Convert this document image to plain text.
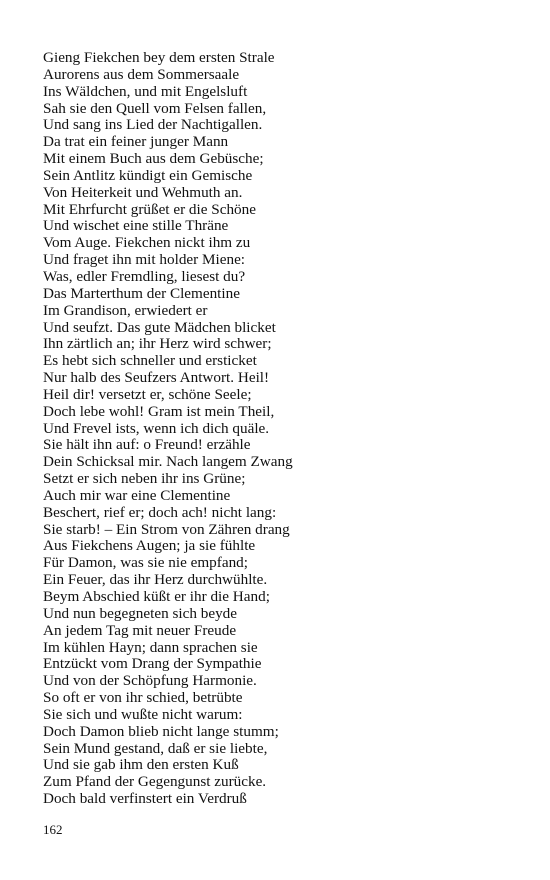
Gieng Fiekchen bey dem ersten Strale
Aurorens aus dem Sommersaale
Ins Wäldchen, und mit Engelsluft
Sah sie den Quell vom Felsen fallen,
Und sang ins Lied der Nachtigallen.
Da trat ein feiner junger Mann
Mit einem Buch aus dem Gebüsche;
Sein Antlitz kündigt ein Gemische
Von Heiterkeit und Wehmuth an.
Mit Ehrfurcht grüßet er die Schöne
Und wischet eine stille Thräne
Vom Auge. Fiekchen nickt ihm zu
Und fraget ihn mit holder Miene:
Was, edler Fremdling, liesest du?
Das Marterthum der Clementine
Im Grandison, erwiedert er
Und seufzt. Das gute Mädchen blicket
Ihn zärtlich an; ihr Herz wird schwer;
Es hebt sich schneller und ersticket
Nur halb des Seufzers Antwort. Heil!
Heil dir! versetzt er, schöne Seele;
Doch lebe wohl! Gram ist mein Theil,
Und Frevel ists, wenn ich dich quäle.
Sie hält ihn auf: o Freund! erzähle
Dein Schicksal mir. Nach langem Zwang
Setzt er sich neben ihr ins Grüne;
Auch mir war eine Clementine
Beschert, rief er; doch ach! nicht lang:
Sie starb! – Ein Strom von Zähren drang
Aus Fiekchens Augen; ja sie fühlte
Für Damon, was sie nie empfand;
Ein Feuer, das ihr Herz durchwühlte.
Beym Abschied küßt er ihr die Hand;
Und nun begegneten sich beyde
An jedem Tag mit neuer Freude
Im kühlen Hayn; dann sprachen sie
Entzückt vom Drang der Sympathie
Und von der Schöpfung Harmonie.
So oft er von ihr schied, betrübte
Sie sich und wußte nicht warum:
Doch Damon blieb nicht lange stumm;
Sein Mund gestand, daß er sie liebte,
Und sie gab ihm den ersten Kuß
Zum Pfand der Gegengunst zurücke.
Doch bald verfinstert ein Verdruß
162
